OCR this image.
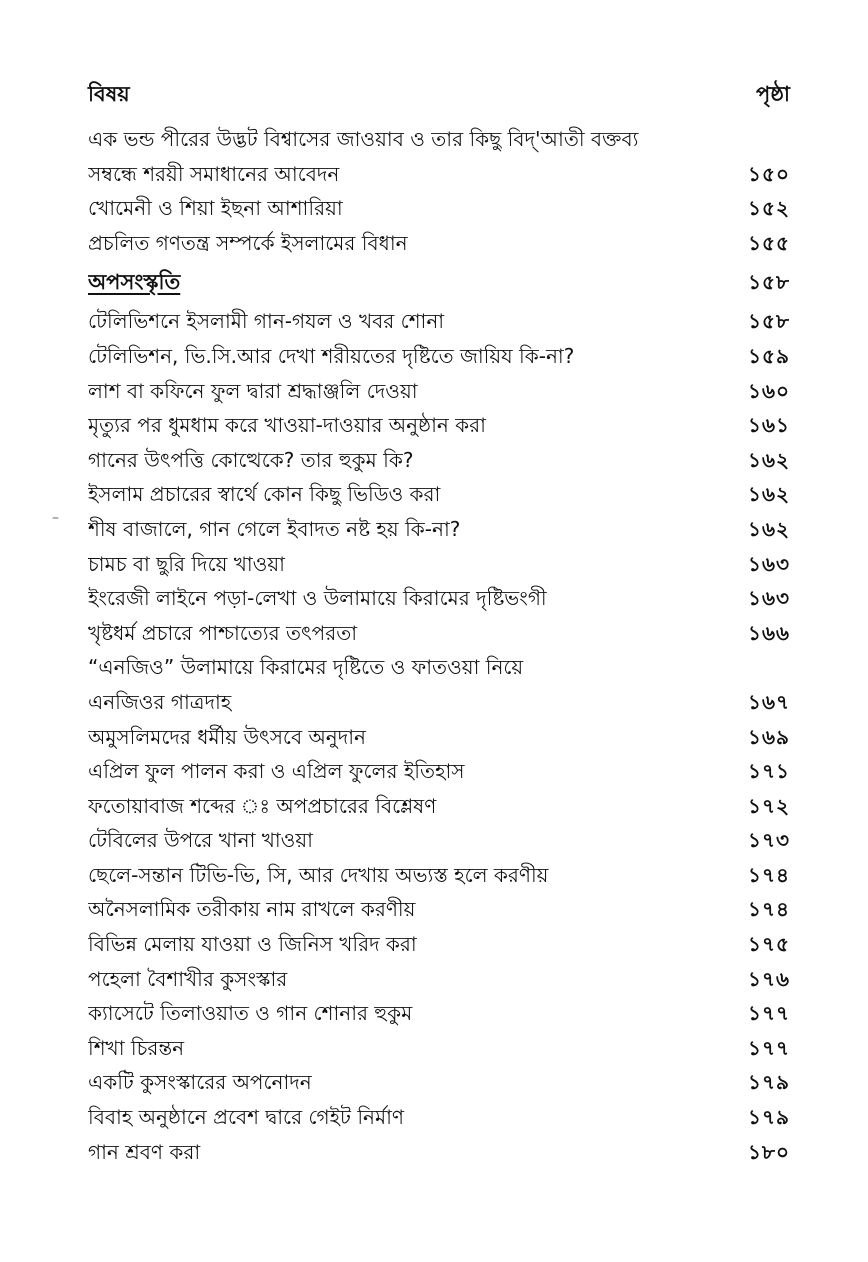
বিষয়	পৃষ্ঠা
এক ভন্ড পীরের উদ্ভট বিশ্বাসের জাওয়াব ও তার কিছু বিদ্‌'আতী বক্তব্য
সম্বন্ধে শরয়ী সমাধানের আবেদন	১৫০
খোমেনী ও শিয়া ইছনা আশারিয়া	১৫২
প্রচলিত গণতন্ত্র সম্পর্কে ইসলামের বিধান	১৫৫
অপসংস্কৃতি	১৫৮
টেলিভিশনে ইসলামী গান-গযল ও খবর শোনা	১৫৮
টেলিভিশন, ভি.সি.আর দেখা শরীয়তের দৃষ্টিতে জায়িয কি-না?	১৫৯
লাশ বা কফিনে ফুল দ্বারা শ্রদ্ধাঞ্জলি দেওয়া	১৬০
মৃত্যুর পর ধুমধাম করে খাওয়া-দাওয়ার অনুষ্ঠান করা	১৬১
গানের উৎপত্তি কোত্থেকে? তার হুকুম কি?	১৬২
ইসলাম প্রচারের স্বার্থে কোন কিছু ভিডিও করা	১৬২
শীষ বাজালে, গান গেলে ইবাদত নষ্ট হয় কি-না?	১৬২
চামচ বা ছুরি দিয়ে খাওয়া	১৬৩
ইংরেজী লাইনে পড়া-লেখা ও উলামায়ে কিরামের দৃষ্টিভংগী	১৬৩
খৃষ্টধর্ম প্রচারে পাশ্চাত্যের তৎপরতা	১৬৬
“এনজিও” উলামায়ে কিরামের দৃষ্টিতে ও ফাতওয়া নিয়ে
এনজিওর গাত্রদাহ	১৬৭
অমুসলিমদের ধর্মীয় উৎসবে অনুদান	১৬৯
এপ্রিল ফুল পালন করা ও এপ্রিল ফুলের ইতিহাস	১৭১
ফতোয়াবাজ শব্দের ঃ অপপ্রচারের বিশ্লেষণ	১৭২
টেবিলের উপরে খানা খাওয়া	১৭৩
ছেলে-সন্তান টিভি-ভি, সি, আর দেখায় অভ্যস্ত হলে করণীয়	১৭৪
অনৈসলামিক তরীকায় নাম রাখলে করণীয়	১৭৪
বিভিন্ন মেলায় যাওয়া ও জিনিস খরিদ করা	১৭৫
পহেলা বৈশাখীর কুসংস্কার	১৭৬
ক্যাসেটে তিলাওয়াত ও গান শোনার হুকুম	১৭৭
শিখা চিরন্তন	১৭৭
একটি কুসংস্কারের অপনোদন	১৭৯
বিবাহ অনুষ্ঠানে প্রবেশ দ্বারে গেইট নির্মাণ	১৭৯
গান শ্রবণ করা	১৮০
–
